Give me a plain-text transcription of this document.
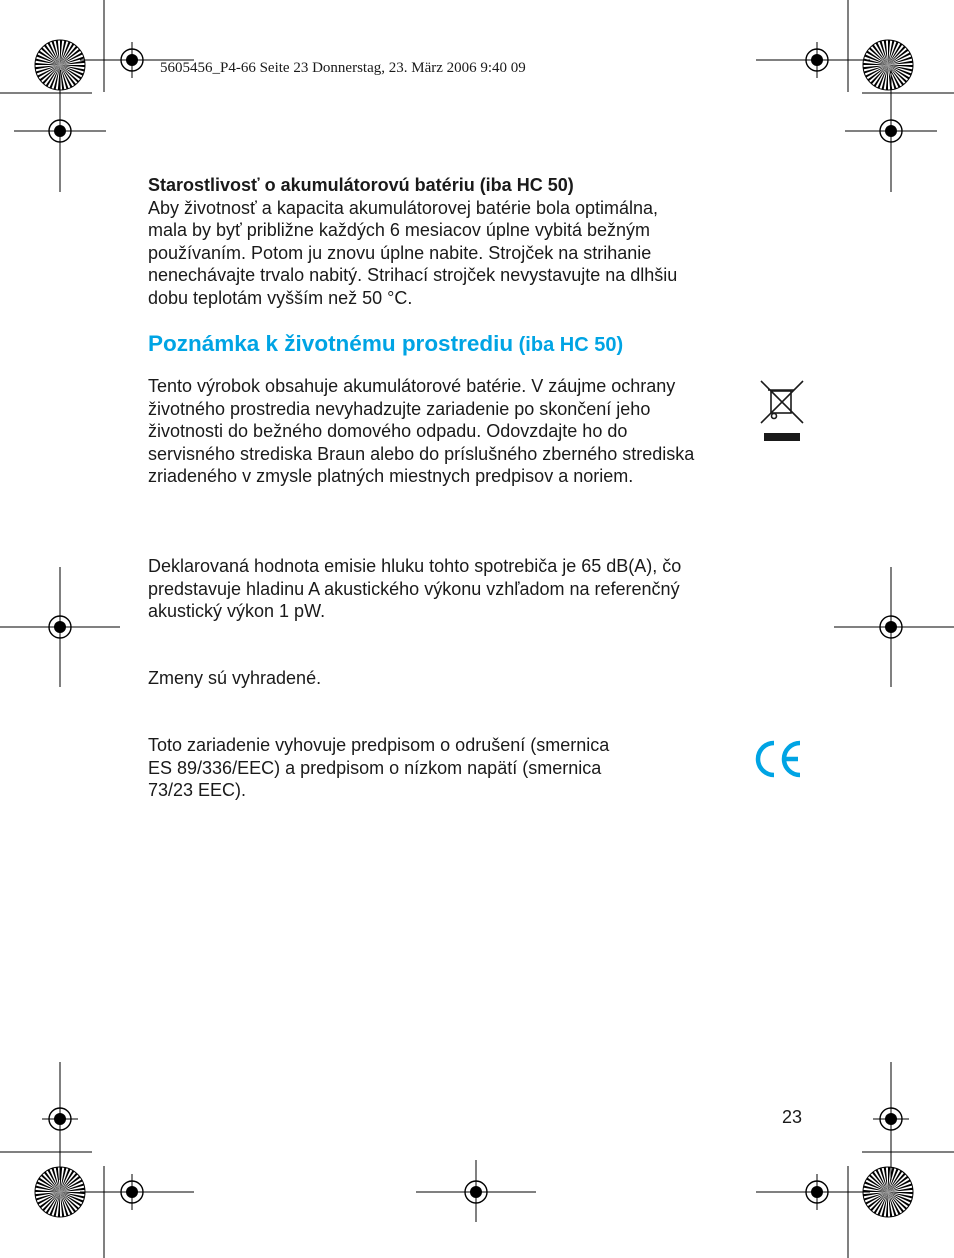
5605456_P4-66 Seite 23 Donnerstag, 23. März 2006 9:40 09
Starostlivosť o akumulátorovú batériu (iba HC 50)
Aby životnosť a kapacita akumulátorovej batérie bola optimálna,
mala by byť približne každých 6 mesiacov úplne vybitá bežným
používaním. Potom ju znovu úplne nabite. Strojček na strihanie
nenechávajte trvalo nabitý. Strihací strojček nevystavujte na dlhšiu
dobu teplotám vyšším než 50 °C.
Poznámka k životnému prostrediu (iba HC 50)
Tento výrobok obsahuje akumulátorové batérie. V záujme ochrany
životného prostredia nevyhadzujte zariadenie po skončení jeho
životnosti do bežného domového odpadu. Odovzdajte ho do
servisného strediska Braun alebo do príslušného zberného strediska
zriadeného v zmysle platných miestnych predpisov a noriem.
Deklarovaná hodnota emisie hluku tohto spotrebiča je 65 dB(A), čo
predstavuje hladinu A akustického výkonu vzhľadom na referenčný
akustický výkon 1 pW.
Zmeny sú vyhradené.
Toto zariadenie vyhovuje predpisom o odrušení (smernica
ES 89/336/EEC) a predpisom o nízkom napätí (smernica
73/23 EEC).
23
